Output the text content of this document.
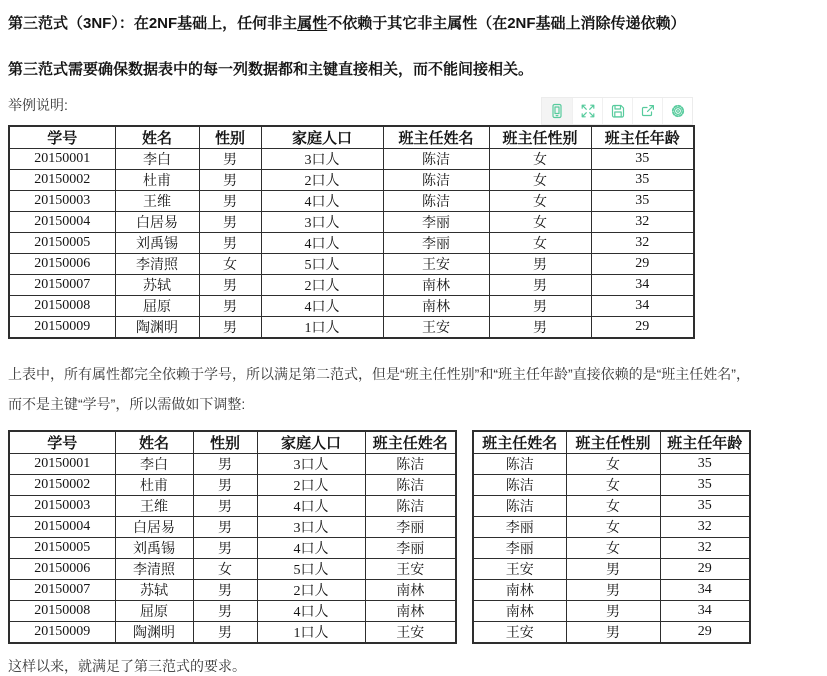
第三范式（3NF）：在2NF基础上，任何非主属性不依赖于其它非主属性（在2NF基础上消除传递依赖）

第三范式需要确保数据表中的每一列数据都和主键直接相关，而不能间接相关。

举例说明:
学号	姓名	性别	家庭人口	班主任姓名	班主任性别	班主任年龄
20150001	李白	男	3口人	陈洁	女	35
20150002	杜甫	男	2口人	陈洁	女	35
20150003	王维	男	4口人	陈洁	女	35
20150004	白居易	男	3口人	李丽	女	32
20150005	刘禹锡	男	4口人	李丽	女	32
20150006	李清照	女	5口人	王安	男	29
20150007	苏轼	男	2口人	南林	男	34
20150008	屈原	男	4口人	南林	男	34
20150009	陶渊明	男	1口人	王安	男	29

上表中，所有属性都完全依赖于学号，所以满足第二范式，但是“班主任性别”和“班主任年龄”直接依赖的是“班主任姓名”，
而不是主键“学号”，所以需做如下调整:

学号	姓名	性别	家庭人口	班主任姓名
20150001	李白	男	3口人	陈洁
20150002	杜甫	男	2口人	陈洁
20150003	王维	男	4口人	陈洁
20150004	白居易	男	3口人	李丽
20150005	刘禹锡	男	4口人	李丽
20150006	李清照	女	5口人	王安
20150007	苏轼	男	2口人	南林
20150008	屈原	男	4口人	南林
20150009	陶渊明	男	1口人	王安
班主任姓名	班主任性别	班主任年龄
陈洁	女	35
陈洁	女	35
陈洁	女	35
李丽	女	32
李丽	女	32
王安	男	29
南林	男	34
南林	男	34
王安	男	29

这样以来，就满足了第三范式的要求。
